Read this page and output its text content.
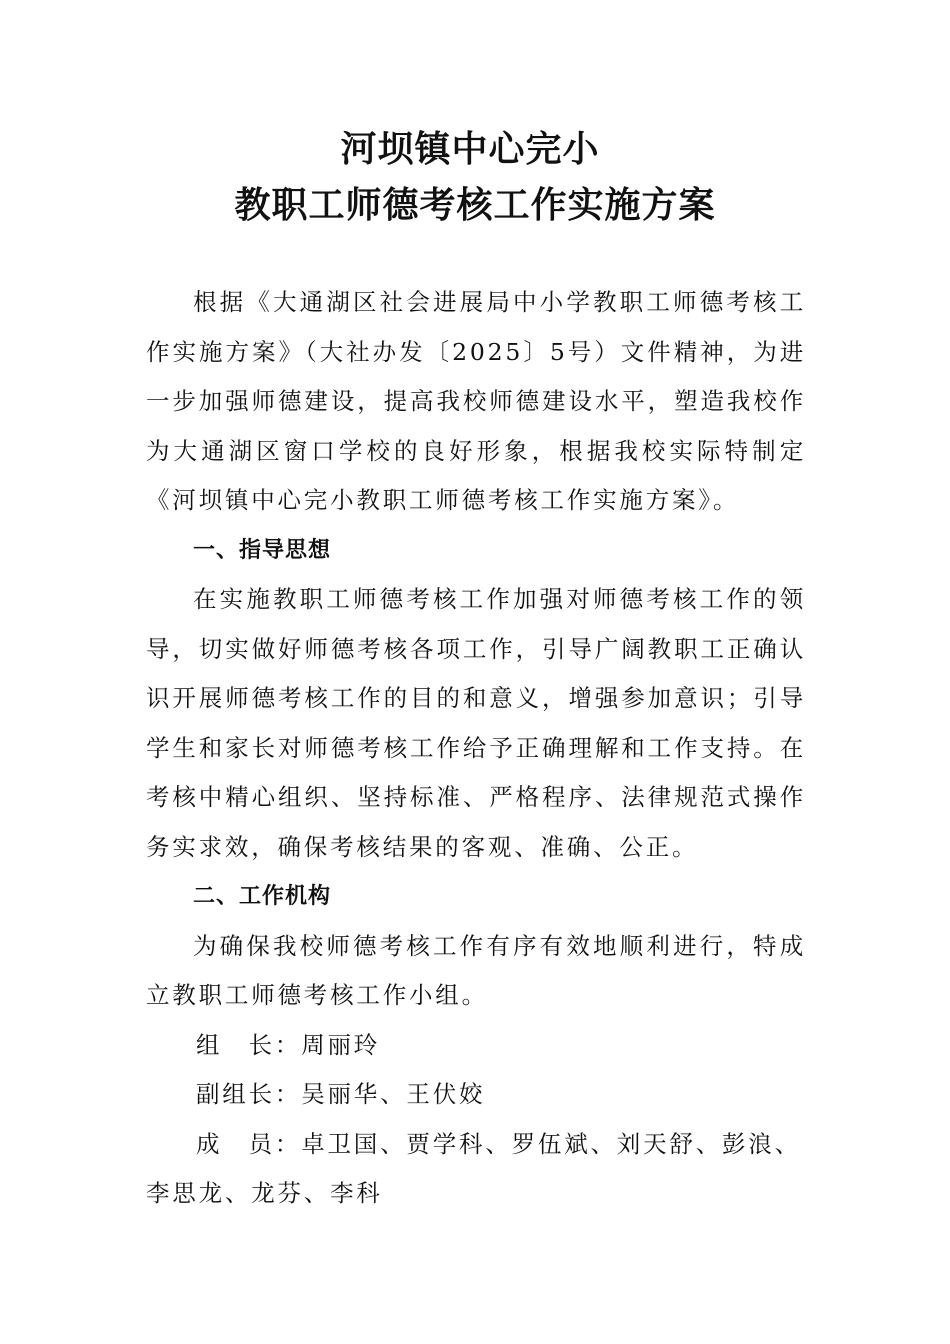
河坝镇中心完小
教职工师德考核工作实施方案

根据《大通湖区社会进展局中小学教职工师德考核工作实施方案》（大社办发〔2025〕5号）文件精神，为进一步加强师德建设，提高我校师德建设水平，塑造我校作为大通湖区窗口学校的良好形象，根据我校实际特制定《河坝镇中心完小教职工师德考核工作实施方案》。

一、指导思想

在实施教职工师德考核工作加强对师德考核工作的领导，切实做好师德考核各项工作，引导广阔教职工正确认识开展师德考核工作的目的和意义，增强参加意识；引导学生和家长对师德考核工作给予正确理解和工作支持。在考核中精心组织、坚持标准、严格程序、法律规范式操作务实求效，确保考核结果的客观、准确、公正。

二、工作机构

为确保我校师德考核工作有序有效地顺利进行，特成立教职工师德考核工作小组。

组　长：周丽玲

副组长：吴丽华、王伏姣

成　员：卓卫国、贾学科、罗伍斌、刘天舒、彭浪、李思龙、龙芬、李科
